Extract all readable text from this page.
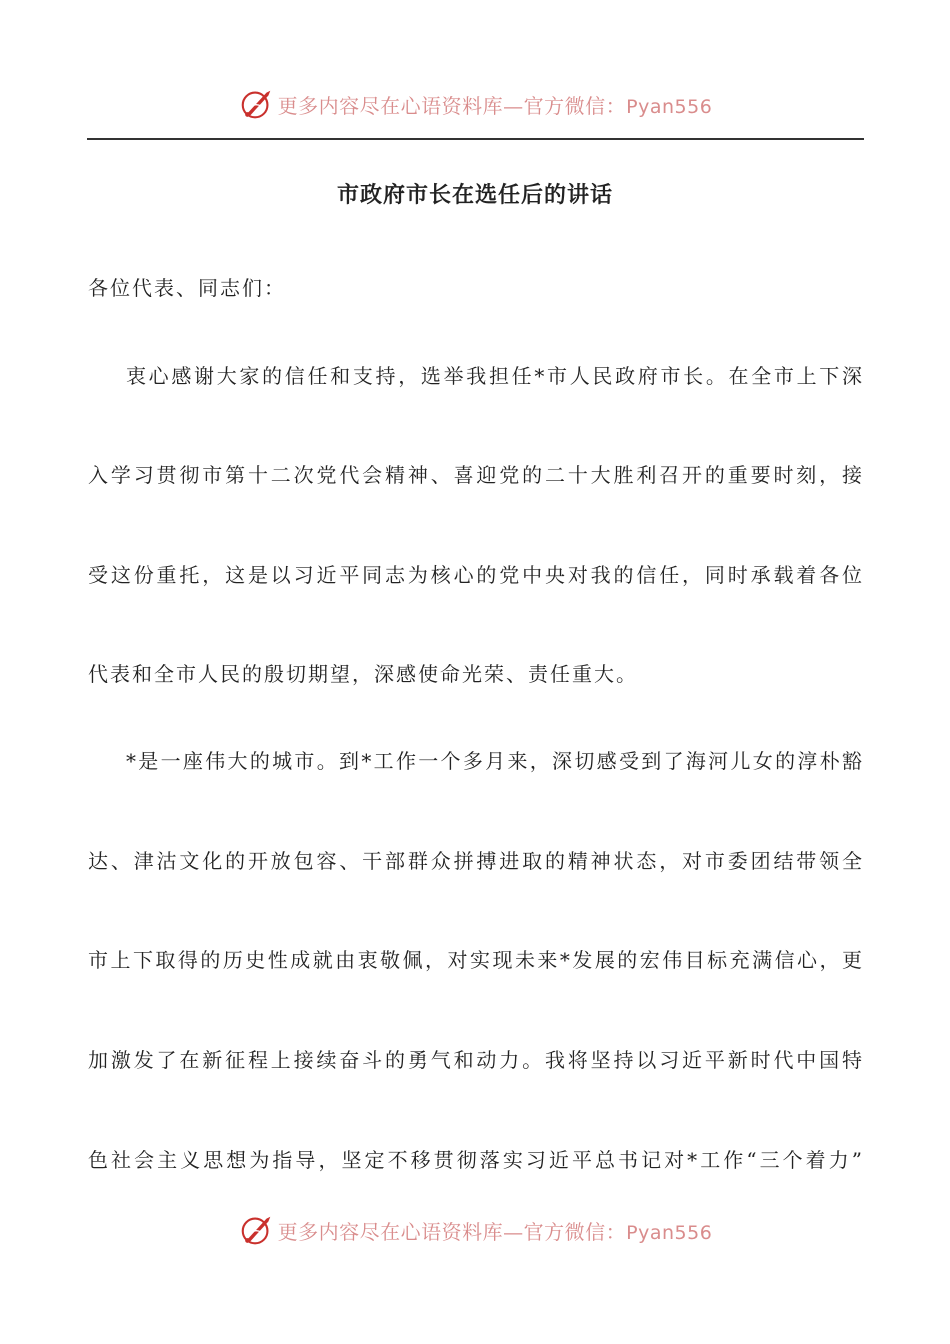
更多内容尽在心语资料库—官方微信：Pyan556
市政府市长在选任后的讲话
各位代表、同志们：
衷心感谢大家的信任和支持，选举我担任*市人民政府市长。在全市上下深
入学习贯彻市第十二次党代会精神、喜迎党的二十大胜利召开的重要时刻，接
受这份重托，这是以习近平同志为核心的党中央对我的信任，同时承载着各位
代表和全市人民的殷切期望，深感使命光荣、责任重大。
*是一座伟大的城市。到*工作一个多月来，深切感受到了海河儿女的淳朴豁
达、津沽文化的开放包容、干部群众拼搏进取的精神状态，对市委团结带领全
市上下取得的历史性成就由衷敬佩，对实现未来*发展的宏伟目标充满信心，更
加激发了在新征程上接续奋斗的勇气和动力。我将坚持以习近平新时代中国特
色社会主义思想为指导，坚定不移贯彻落实习近平总书记对*工作“三个着力”
更多内容尽在心语资料库—官方微信：Pyan556
